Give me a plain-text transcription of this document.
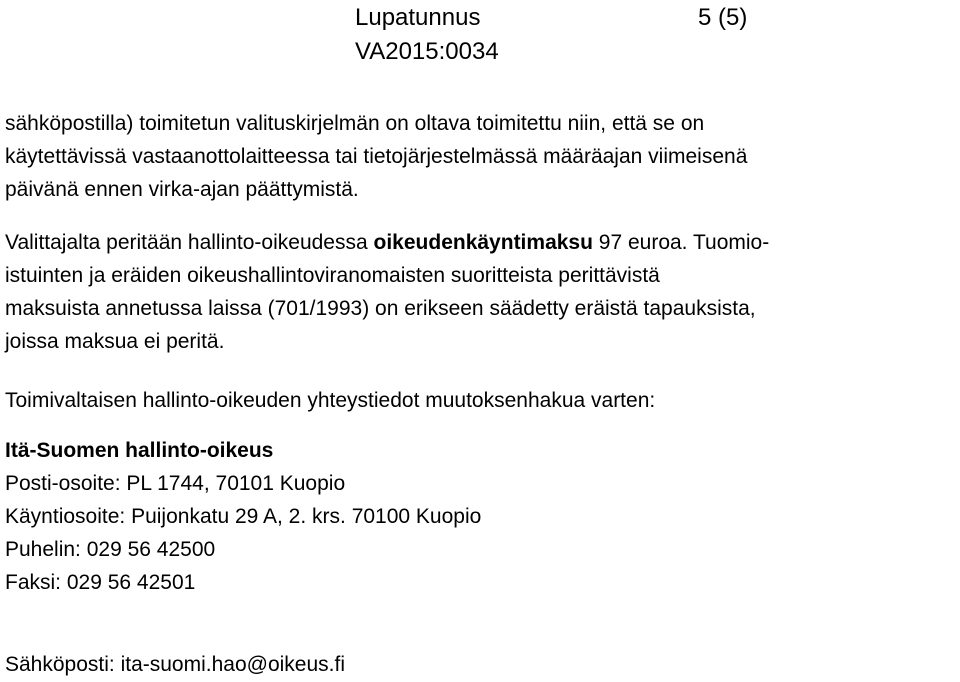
Lupatunnus	5 (5)
VA2015:0034
sähköpostilla) toimitetun valituskirjelmän on oltava toimitettu niin, että se on
käytettävissä vastaanottolaitteessa tai tietojärjestelmässä määräajan viimeisenä
päivänä ennen virka-ajan päättymistä.
Valittajalta peritään hallinto-oikeudessa oikeudenkäyntimaksu 97 euroa. Tuomio-
istuinten ja eräiden oikeushallintoviranomaisten suoritteista perittävistä
maksuista annetussa laissa (701/1993) on erikseen säädetty eräistä tapauksista,
joissa maksua ei peritä.
Toimivaltaisen hallinto-oikeuden yhteystiedot muutoksenhakua varten:
Itä-Suomen hallinto-oikeus
Posti-osoite: PL 1744, 70101 Kuopio
Käyntiosoite: Puijonkatu 29 A, 2. krs. 70100 Kuopio
Puhelin: 029 56 42500
Faksi: 029 56 42501
Sähköposti: ita-suomi.hao@oikeus.fi
